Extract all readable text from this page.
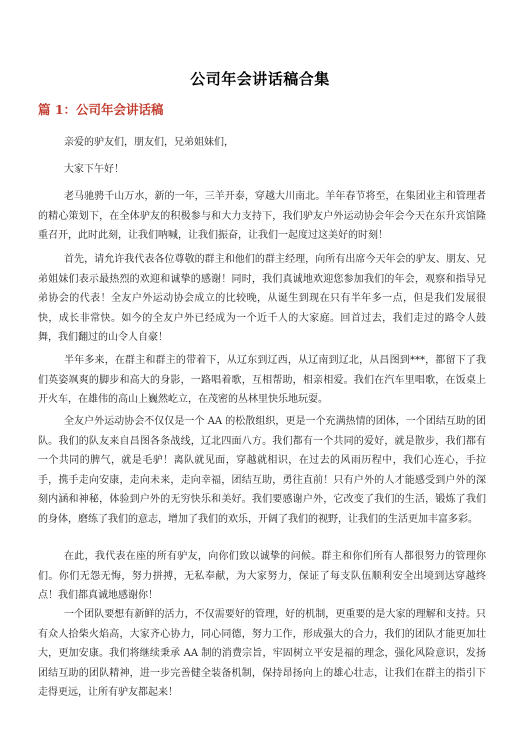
公司年会讲话稿合集
篇 1：公司年会讲话稿
亲爱的驴友们，朋友们，兄弟姐妹们，
大家下午好！
老马驰骋千山万水，新的一年，三羊开泰，穿越大川南北。羊年春节将至，在集团业主和管理者的精心策划下，在全体驴友的积极参与和大力支持下，我们驴友户外运动协会年会今天在东升宾馆隆重召开，此时此刻，让我们呐喊，让我们振奋，让我们一起度过这美好的时刻！
首先，请允许我代表各位尊敬的群主和他们的群主经理，向所有出席今天年会的驴友、朋友、兄弟姐妹们表示最热烈的欢迎和诚挚的感谢！同时，我们真诚地欢迎您参加我们的年会，观察和指导兄弟协会的代表！全友户外运动协会成立的比较晚，从诞生到现在只有半年多一点，但是我们发展很快，成长非常快。如今的全友户外已经成为一个近千人的大家庭。回首过去，我们走过的路令人鼓舞，我们翻过的山令人自豪！
半年多来，在群主和群主的带着下，从辽东到辽西，从辽南到辽北，从昌图到***，都留下了我们英姿飒爽的脚步和高大的身影，一路唱着歌，互相帮助，相亲相爱。我们在汽车里唱歌，在饭桌上开火车，在雄伟的高山上巍然屹立，在茂密的丛林里快乐地玩耍。
全友户外运动协会不仅仅是一个 AA 的松散组织，更是一个充满热情的团体，一个团结互助的团队。我们的队友来自昌图各条战线，辽北四面八方。我们都有一个共同的爱好，就是散步，我们都有一个共同的脾气，就是毛驴！离队就见面，穿越就相识，在过去的风雨历程中，我们心连心，手拉手，携手走向安康，走向未来，走向幸福，团结互助，勇往直前！只有户外的人才能感受到户外的深刻内涵和神秘，体验到户外的无穷快乐和美好。我们要感谢户外，它改变了我们的生活，锻炼了我们的身体，磨练了我们的意志，增加了我们的欢乐，开阔了我们的视野，让我们的生活更加丰富多彩。
在此，我代表在座的所有驴友，向你们致以诚挚的问候。群主和你们所有人都很努力的管理你们。你们无怨无悔，努力拼搏，无私奉献，为大家努力，保证了每支队伍顺利安全出境到达穿越终点！我们都真诚地感谢你！
一个团队要想有新鲜的活力，不仅需要好的管理，好的机制，更重要的是大家的理解和支持。只有众人拾柴火焰高，大家齐心协力，同心同德，努力工作，形成强大的合力，我们的团队才能更加壮大，更加安康。我们将继续秉承 AA 制的消费宗旨，牢固树立平安是福的理念，强化风险意识，发扬团结互助的团队精神，进一步完善健全装备机制，保持昂扬向上的雄心壮志，让我们在群主的指引下走得更远，让所有驴友都起来！
